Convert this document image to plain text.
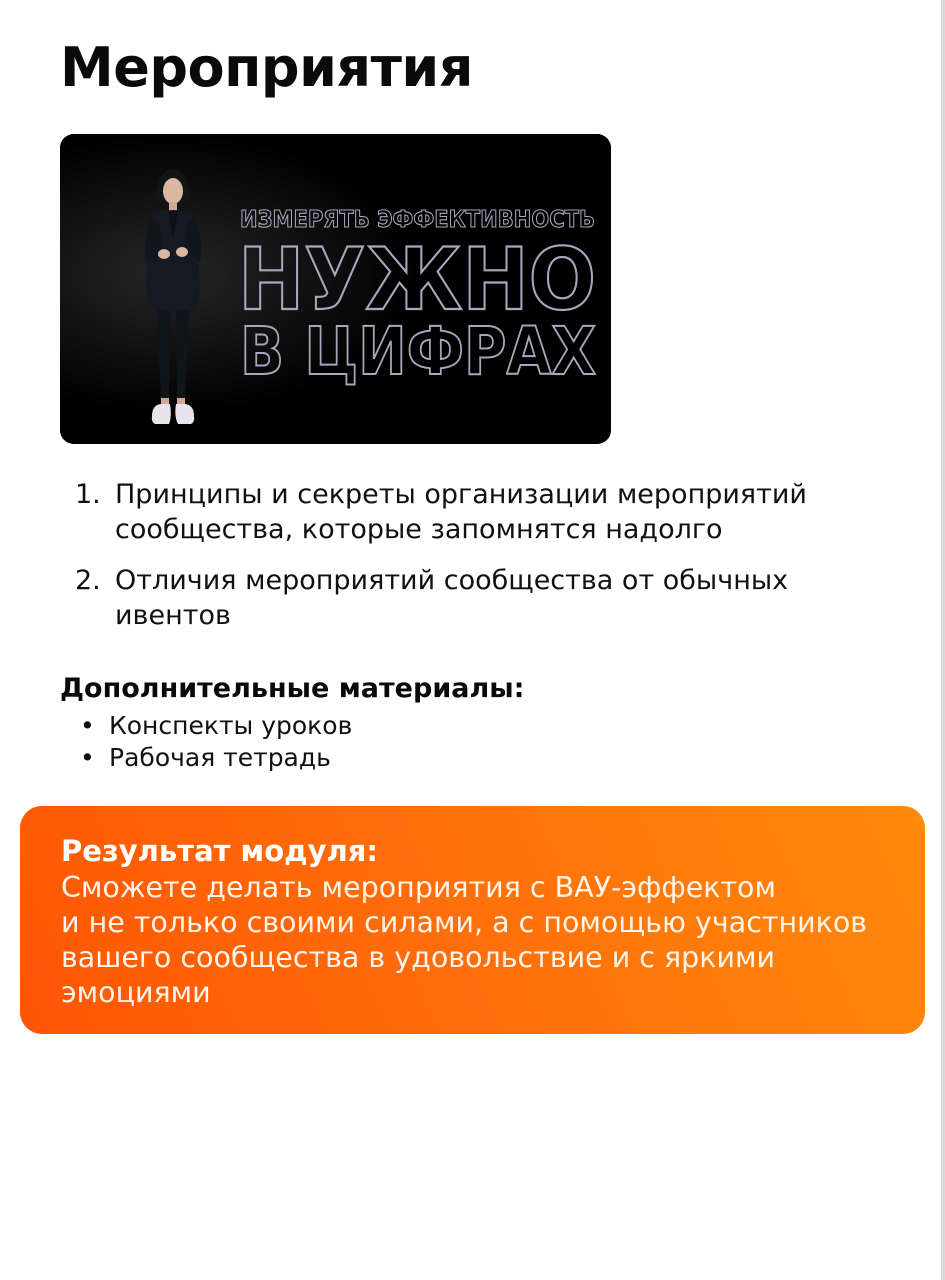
Мероприятия
ИЗМЕРЯТЬ ЭФФЕКТИВНОСТЬ
НУЖНО
В ЦИФРАХ
1. Принципы и секреты организации мероприятий
сообщества, которые запомнятся надолго
2. Отличия мероприятий сообщества от обычных
ивентов
Дополнительные материалы:
• Конспекты уроков
• Рабочая тетрадь
Результат модуля:

Сможете делать мероприятия с ВАУ-эффектом
и не только своими силами, а с помощью участников
вашего сообщества в удовольствие и с яркими
эмоциями
